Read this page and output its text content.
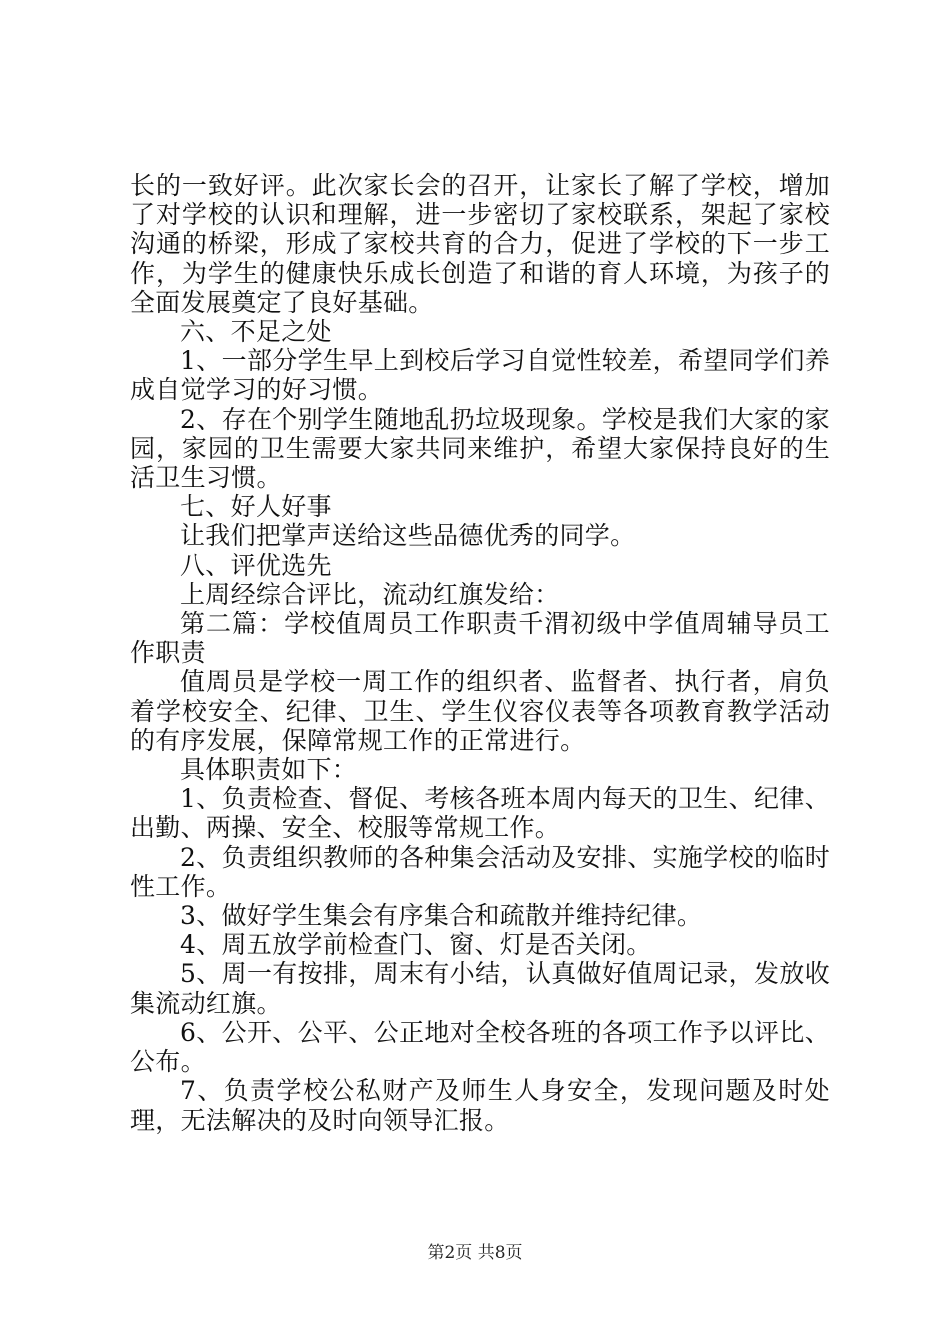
长的一致好评。此次家长会的召开，让家长了解了学校，增加了对学校的认识和理解，进一步密切了家校联系，架起了家校沟通的桥梁，形成了家校共育的合力，促进了学校的下一步工作，为学生的健康快乐成长创造了和谐的育人环境，为孩子的全面发展奠定了良好基础。

六、不足之处

1、一部分学生早上到校后学习自觉性较差，希望同学们养成自觉学习的好习惯。

2、存在个别学生随地乱扔垃圾现象。学校是我们大家的家园，家园的卫生需要大家共同来维护，希望大家保持良好的生活卫生习惯。

七、好人好事

让我们把掌声送给这些品德优秀的同学。

八、评优选先

上周经综合评比，流动红旗发给：

第二篇：学校值周员工作职责千渭初级中学值周辅导员工作职责

值周员是学校一周工作的组织者、监督者、执行者，肩负着学校安全、纪律、卫生、学生仪容仪表等各项教育教学活动的有序发展，保障常规工作的正常进行。

具体职责如下：

1、负责检查、督促、考核各班本周内每天的卫生、纪律、出勤、两操、安全、校服等常规工作。

2、负责组织教师的各种集会活动及安排、实施学校的临时性工作。

3、做好学生集会有序集合和疏散并维持纪律。

4、周五放学前检查门、窗、灯是否关闭。

5、周一有按排，周末有小结，认真做好值周记录，发放收集流动红旗。

6、公开、公平、公正地对全校各班的各项工作予以评比、公布。

7、负责学校公私财产及师生人身安全，发现问题及时处理，无法解决的及时向领导汇报。

第2页 共8页
